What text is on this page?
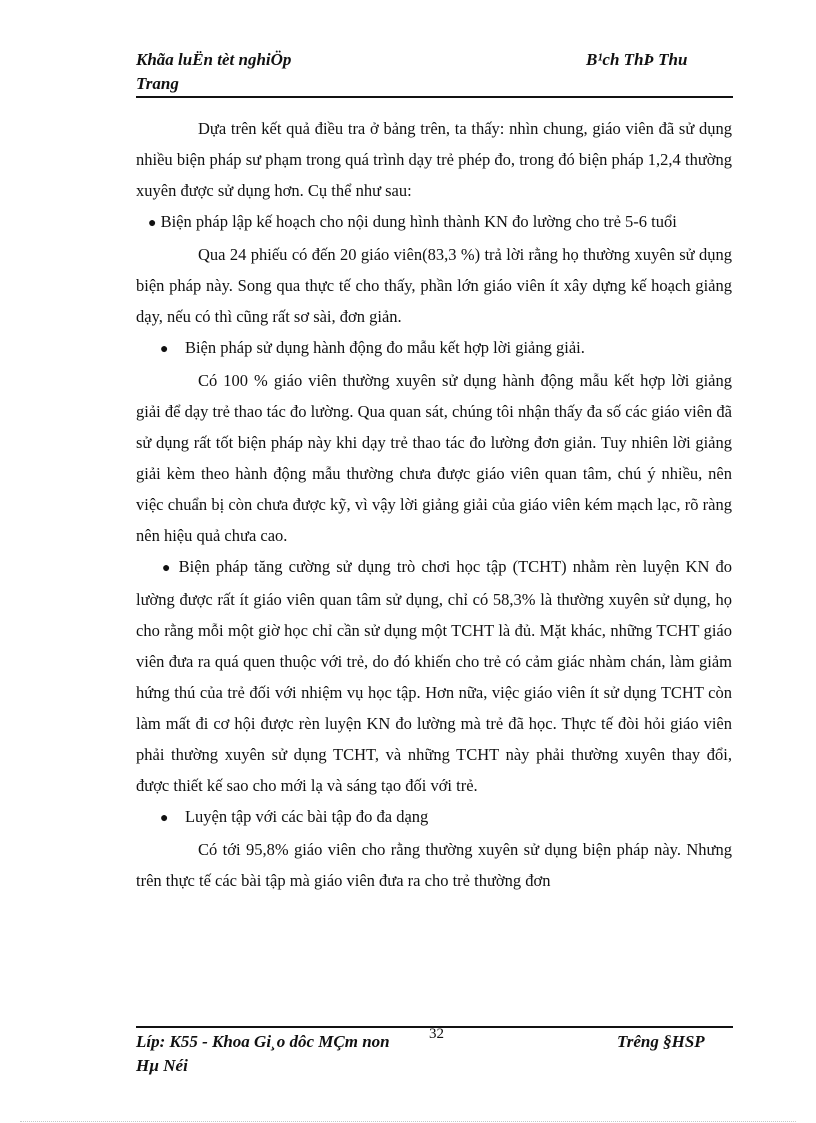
Khãa luËn tèt nghiÖp
Trang
B¹ch ThÞ Thu

Dựa trên kết quả điều tra ở bảng trên, ta thấy: nhìn chung, giáo viên đã sử dụng nhiều biện pháp sư phạm trong quá trình dạy trẻ phép đo, trong đó biện pháp 1,2,4 thường xuyên được sử dụng hơn. Cụ thể như sau:

● Biện pháp lập kế hoạch cho nội dung hình thành KN đo lường cho trẻ 5-6 tuổi

Qua 24 phiếu có đến 20 giáo viên(83,3 %) trả lời rằng họ thường xuyên sử dụng biện pháp này. Song qua thực tế cho thấy, phần lớn giáo viên ít xây dựng kế hoạch giảng dạy, nếu có thì cũng rất sơ sài, đơn giản.

● Biện pháp sử dụng hành động đo mẫu kết hợp lời giảng giải.

Có 100 % giáo viên thường xuyên sử dụng hành động mẫu kết hợp lời giảng giải để dạy trẻ thao tác đo lường. Qua quan sát, chúng tôi nhận thấy đa số các giáo viên đã sử dụng rất tốt biện pháp này khi dạy trẻ thao tác đo lường đơn giản. Tuy nhiên lời giảng giải kèm theo hành động mẫu thường chưa được giáo viên quan tâm, chú ý nhiều, nên việc chuẩn bị còn chưa được kỹ, vì vậy lời giảng giải của giáo viên kém mạch lạc, rõ ràng nên hiệu quả chưa cao.

● Biện pháp tăng cường sử dụng trò chơi học tập (TCHT) nhằm rèn luyện KN đo lường được rất ít giáo viên quan tâm sử dụng, chỉ có 58,3% là thường xuyên sử dụng, họ cho rằng mỗi một giờ học chỉ cần sử dụng một TCHT là đủ. Mặt khác, những TCHT giáo viên đưa ra quá quen thuộc với trẻ, do đó khiến cho trẻ có cảm giác nhàm chán, làm giảm hứng thú của trẻ đối với nhiệm vụ học tập. Hơn nữa, việc giáo viên ít sử dụng TCHT còn làm mất đi cơ hội được rèn luyện KN đo lường mà trẻ đã học. Thực tế đòi hỏi giáo viên phải thường xuyên sử dụng TCHT, và những TCHT này phải thường xuyên thay đổi, được thiết kế sao cho mới lạ và sáng tạo đối với trẻ.

● Luyện tập với các bài tập đo đa dạng

Có tới 95,8% giáo viên cho rằng thường xuyên sử dụng biện pháp này. Nhưng trên thực tế các bài tập mà giáo viên đưa ra cho trẻ thường đơn

Líp: K55 - Khoa Gi¸o dôc MÇm non
Hµ Néi
32	Trêng §HSP
